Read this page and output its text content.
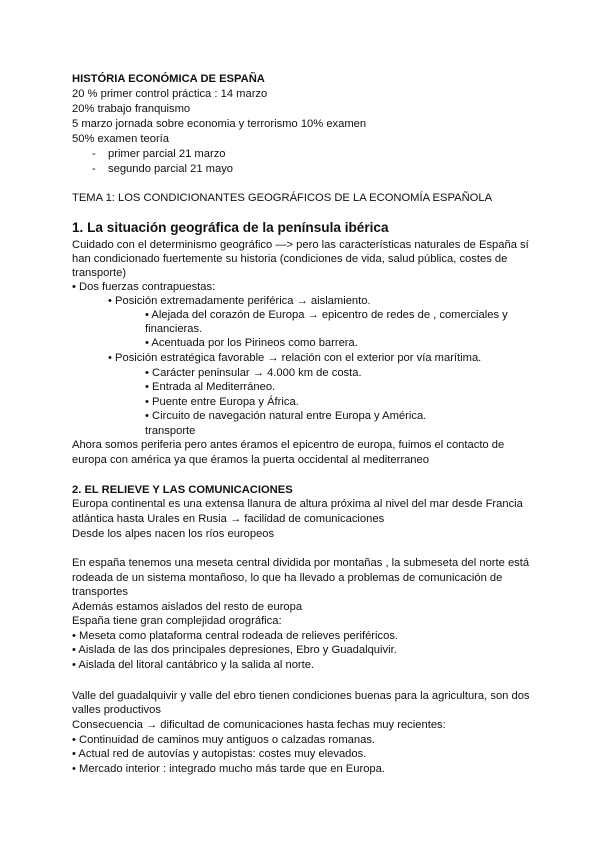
HISTÓRIA ECONÓMICA DE ESPAÑA
20 % primer control práctica : 14 marzo
20% trabajo franquismo
5 marzo jornada sobre economia y terrorismo 10% examen
50% examen teoría
- primer parcial 21 marzo
- segundo parcial 21 mayo
TEMA 1: LOS CONDICIONANTES GEOGRÁFICOS DE LA ECONOMÍA ESPAÑOLA
1. La situación geográfica de la península ibérica
Cuidado con el determinismo geográfico —> pero las características naturales de España sí
han condicionado fuertemente su historia (condiciones de vida, salud pública, costes de
transporte)
• Dos fuerzas contrapuestas:
• Posición extremadamente periférica → aislamiento.
• Alejada del corazón de Europa → epicentro de redes de , comerciales y
financieras.
• Acentuada por los Pirineos como barrera.
• Posición estratégica favorable → relación con el exterior por vía marítima.
• Carácter peninsular → 4.000 km de costa.
• Entrada al Mediterráneo.
• Puente entre Europa y África.
• Circuito de navegación natural entre Europa y América.
transporte
Ahora somos periferia pero antes éramos el epicentro de europa, fuimos el contacto de
europa con américa ya que éramos la puerta occidental al mediterraneo
2. EL RELIEVE Y LAS COMUNICACIONES
Europa continental es una extensa llanura de altura próxima al nivel del mar desde Francia
atlántica hasta Urales en Rusia → facilidad de comunicaciones
Desde los alpes nacen los ríos europeos
En españa tenemos una meseta central dividida por montañas , la submeseta del norte está
rodeada de un sistema montañoso, lo que ha llevado a problemas de comunicación de
transportes
Además estamos aislados del resto de europa
España tiene gran complejidad orográfica:
• Meseta como plataforma central rodeada de relieves periféricos.
• Aislada de las dos principales depresiones, Ebro y Guadalquivir.
• Aislada del litoral cantábrico y la salida al norte.
Valle del guadalquivir y valle del ebro tienen condiciones buenas para la agricultura, son dos
valles productivos
Consecuencia → dificultad de comunicaciones hasta fechas muy recientes:
• Continuidad de caminos muy antiguos o calzadas romanas.
• Actual red de autovías y autopistas: costes muy elevados.
• Mercado interior : integrado mucho más tarde que en Europa.
